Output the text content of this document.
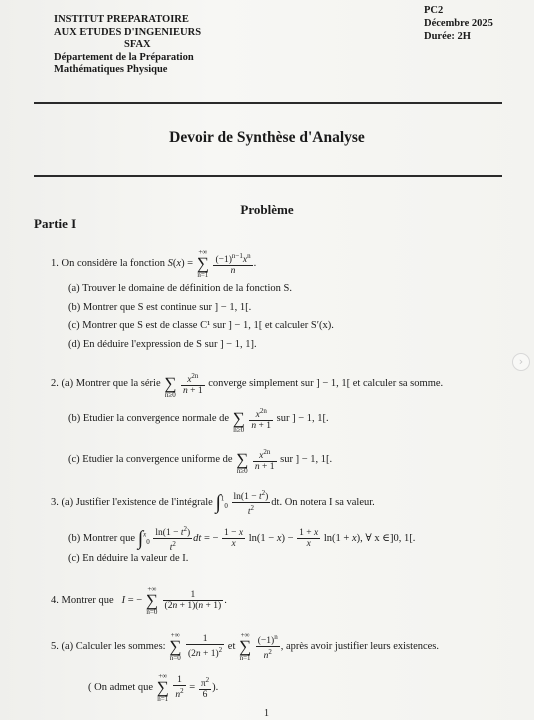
INSTITUT PREPARATOIRE
AUX ETUDES D'INGENIEURS
SFAX
Département de la Préparation
Mathématiques Physique
PC2
Décembre 2025
Durée: 2H
Devoir de Synthèse d'Analyse
Problème
Partie I
1. On considère la fonction S(x) = +∞
∑
$n=1 \frac{(-1)^{n-1}x^n}{n}$ .
(a) Trouver le domaine de définition de la fonction S.
(b) Montrer que S est continue sur ] − 1, 1[.
(c) Montrer que S est de classe C¹ sur ] − 1, 1[ et calculer S′(x).
(d) En déduire l'expression de S sur ] − 1, 1].
2. (a) Montrer que la série ∑
$n\ge 0 \frac{x^{2n}}{n + 1}$ converge simplement sur ] − 1, 1[ et calculer sa somme.
(b) Etudier la convergence normale de ∑
$n\ge 0 \frac{x^{2n}}{n + 1}$ sur ] − 1, 1[.
(c) Etudier la convergence uniforme de ∑
$n\ge 0 \frac{x^{2n}}{n + 1}$ sur ] − 1, 1[.
3. (a) Justifier l'existence de l'intégrale $\int^1_0 \frac{\ln(1 - t^2)}{t^2}$ dt. On notera I sa valeur.
(b) Montrer que $\int^x_0 \frac{\ln(1 - t^2)}{t^2}$ dt = − $\frac{1 - x}{x} \ln(1 - x) - \frac{1 + x}{x} \ln(1 + x)$, ∀ x ∈]0, 1[.
(c) En déduire la valeur de I.
4. Montrer que I = − +∞
∑
n=0
$\frac{1}{(2n + 1)(n + 1)}$ .
5. (a) Calculer les sommes: +∞
∑
$n=0 \frac{1}{(2n + 1)^2}$ et +∞
∑
$n=1 \frac{(-1)^n}{n^2}$ , après avoir justifier leurs existences.
( On admet que +∞
∑
$n=1 \frac{1}{n^2} = \frac{\pi^2}{6}$ ).
1
›
